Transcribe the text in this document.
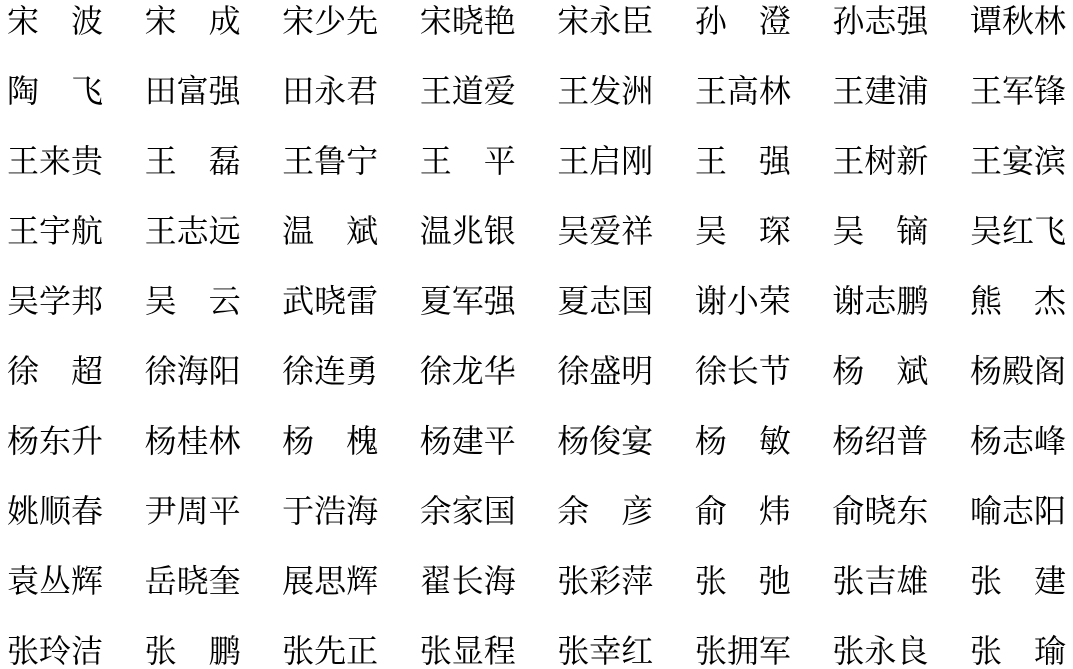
宋　波 宋　成 宋少先 宋晓艳 宋永臣 孙　澄 孙志强 谭秋林
陶　飞 田富强 田永君 王道爱 王发洲 王高林 王建浦 王军锋
王来贵 王　磊 王鲁宁 王　平 王启刚 王　强 王树新 王宴滨
王宇航 王志远 温　斌 温兆银 吴爱祥 吴　琛 吴　镝 吴红飞
吴学邦 吴　云 武晓雷 夏军强 夏志国 谢小荣 谢志鹏 熊　杰
徐　超 徐海阳 徐连勇 徐龙华 徐盛明 徐长节 杨　斌 杨殿阁
杨东升 杨桂林 杨　槐 杨建平 杨俊宴 杨　敏 杨绍普 杨志峰
姚顺春 尹周平 于浩海 余家国 余　彦 俞　炜 俞晓东 喻志阳
袁丛辉 岳晓奎 展思辉 翟长海 张彩萍 张　弛 张吉雄 张　建
张玲洁 张　鹏 张先正 张显程 张幸红 张拥军 张永良 张　瑜
